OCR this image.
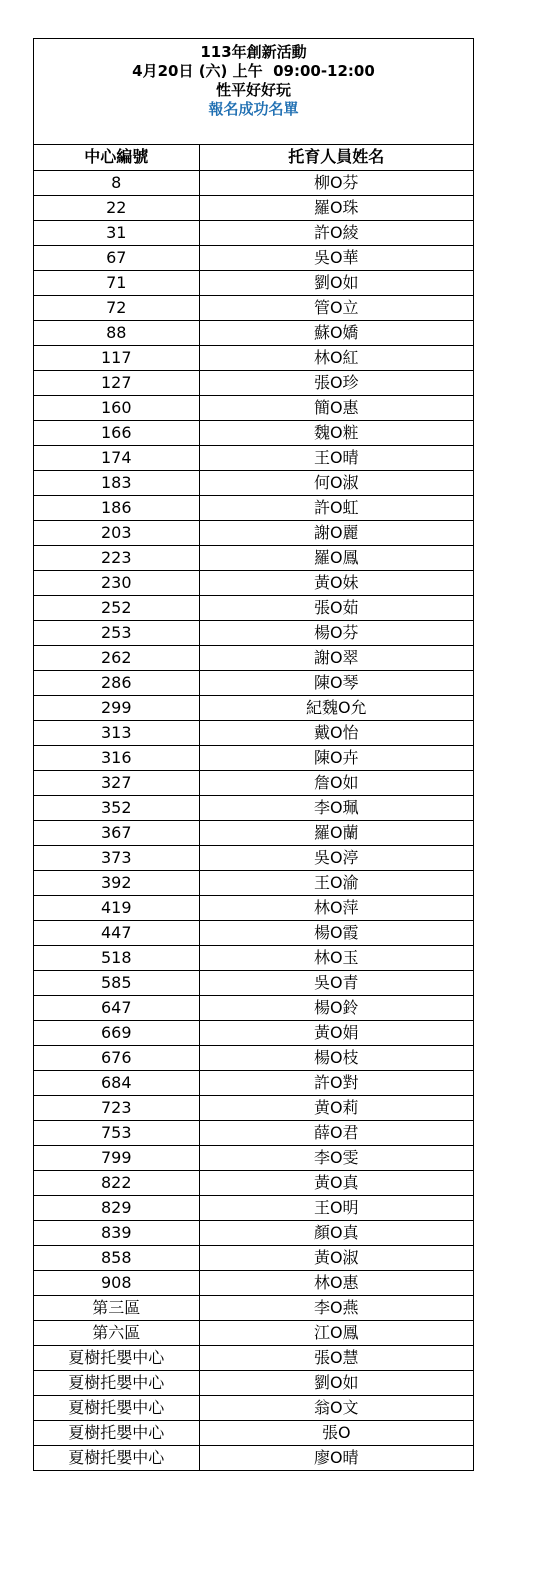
113年創新活動
4月20日 (六) 上午  09:00-12:00
性平好好玩
報名成功名單
中心編號	托育人員姓名
8	柳O芬
22	羅O珠
31	許O綾
67	吳O華
71	劉O如
72	管O立
88	蘇O嬌
117	林O紅
127	張O珍
160	簡O惠
166	魏O粧
174	王O晴
183	何O淑
186	許O虹
203	謝O麗
223	羅O鳳
230	黃O妹
252	張O茹
253	楊O芬
262	謝O翠
286	陳O琴
299	紀魏O允
313	戴O怡
316	陳O卉
327	詹O如
352	李O珮
367	羅O蘭
373	吳O渟
392	王O渝
419	林O萍
447	楊O霞
518	林O玉
585	吳O青
647	楊O鈴
669	黃O娟
676	楊O枝
684	許O對
723	黄O莉
753	薛O君
799	李O雯
822	黃O真
829	王O明
839	顏O真
858	黃O淑
908	林O惠
第三區	李O燕
第六區	江O鳳
夏樹托嬰中心	張O慧
夏樹托嬰中心	劉O如
夏樹托嬰中心	翁O文
夏樹托嬰中心	張O
夏樹托嬰中心	廖O晴
